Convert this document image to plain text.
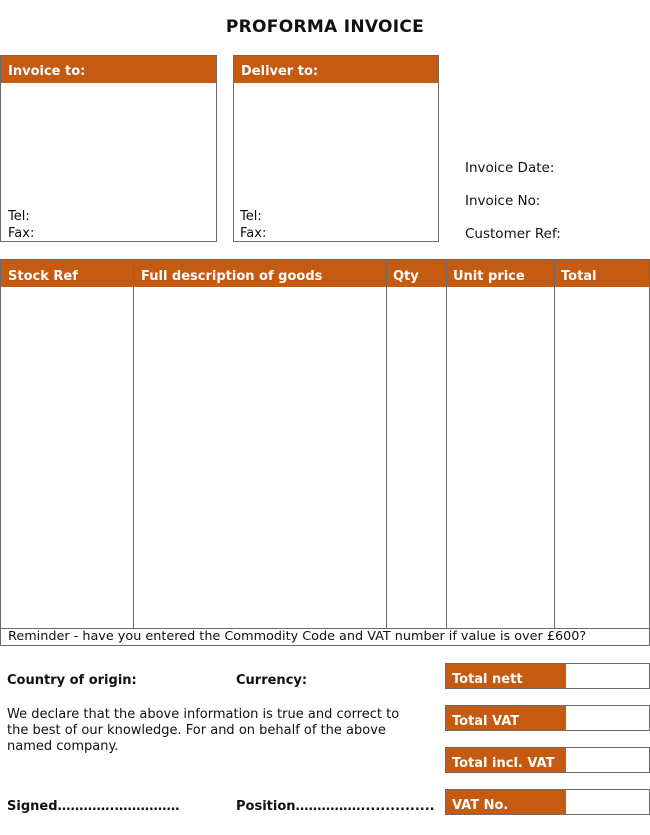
PROFORMA INVOICE
Invoice to:
Tel:
Fax:
Deliver to:
Tel:
Fax:
Invoice Date:
Invoice No:
Customer Ref:
Stock Ref	Full description of goods	Qty	Unit price	Total
Reminder - have you entered the Commodity Code and VAT number if value is over £600?
Country of origin:	Currency:
We declare that the above information is true and correct to the best of our knowledge. For and on behalf of the above named company.
Signed………….……………	Position……………...............
Total nett
Total VAT
Total incl. VAT
VAT No.
